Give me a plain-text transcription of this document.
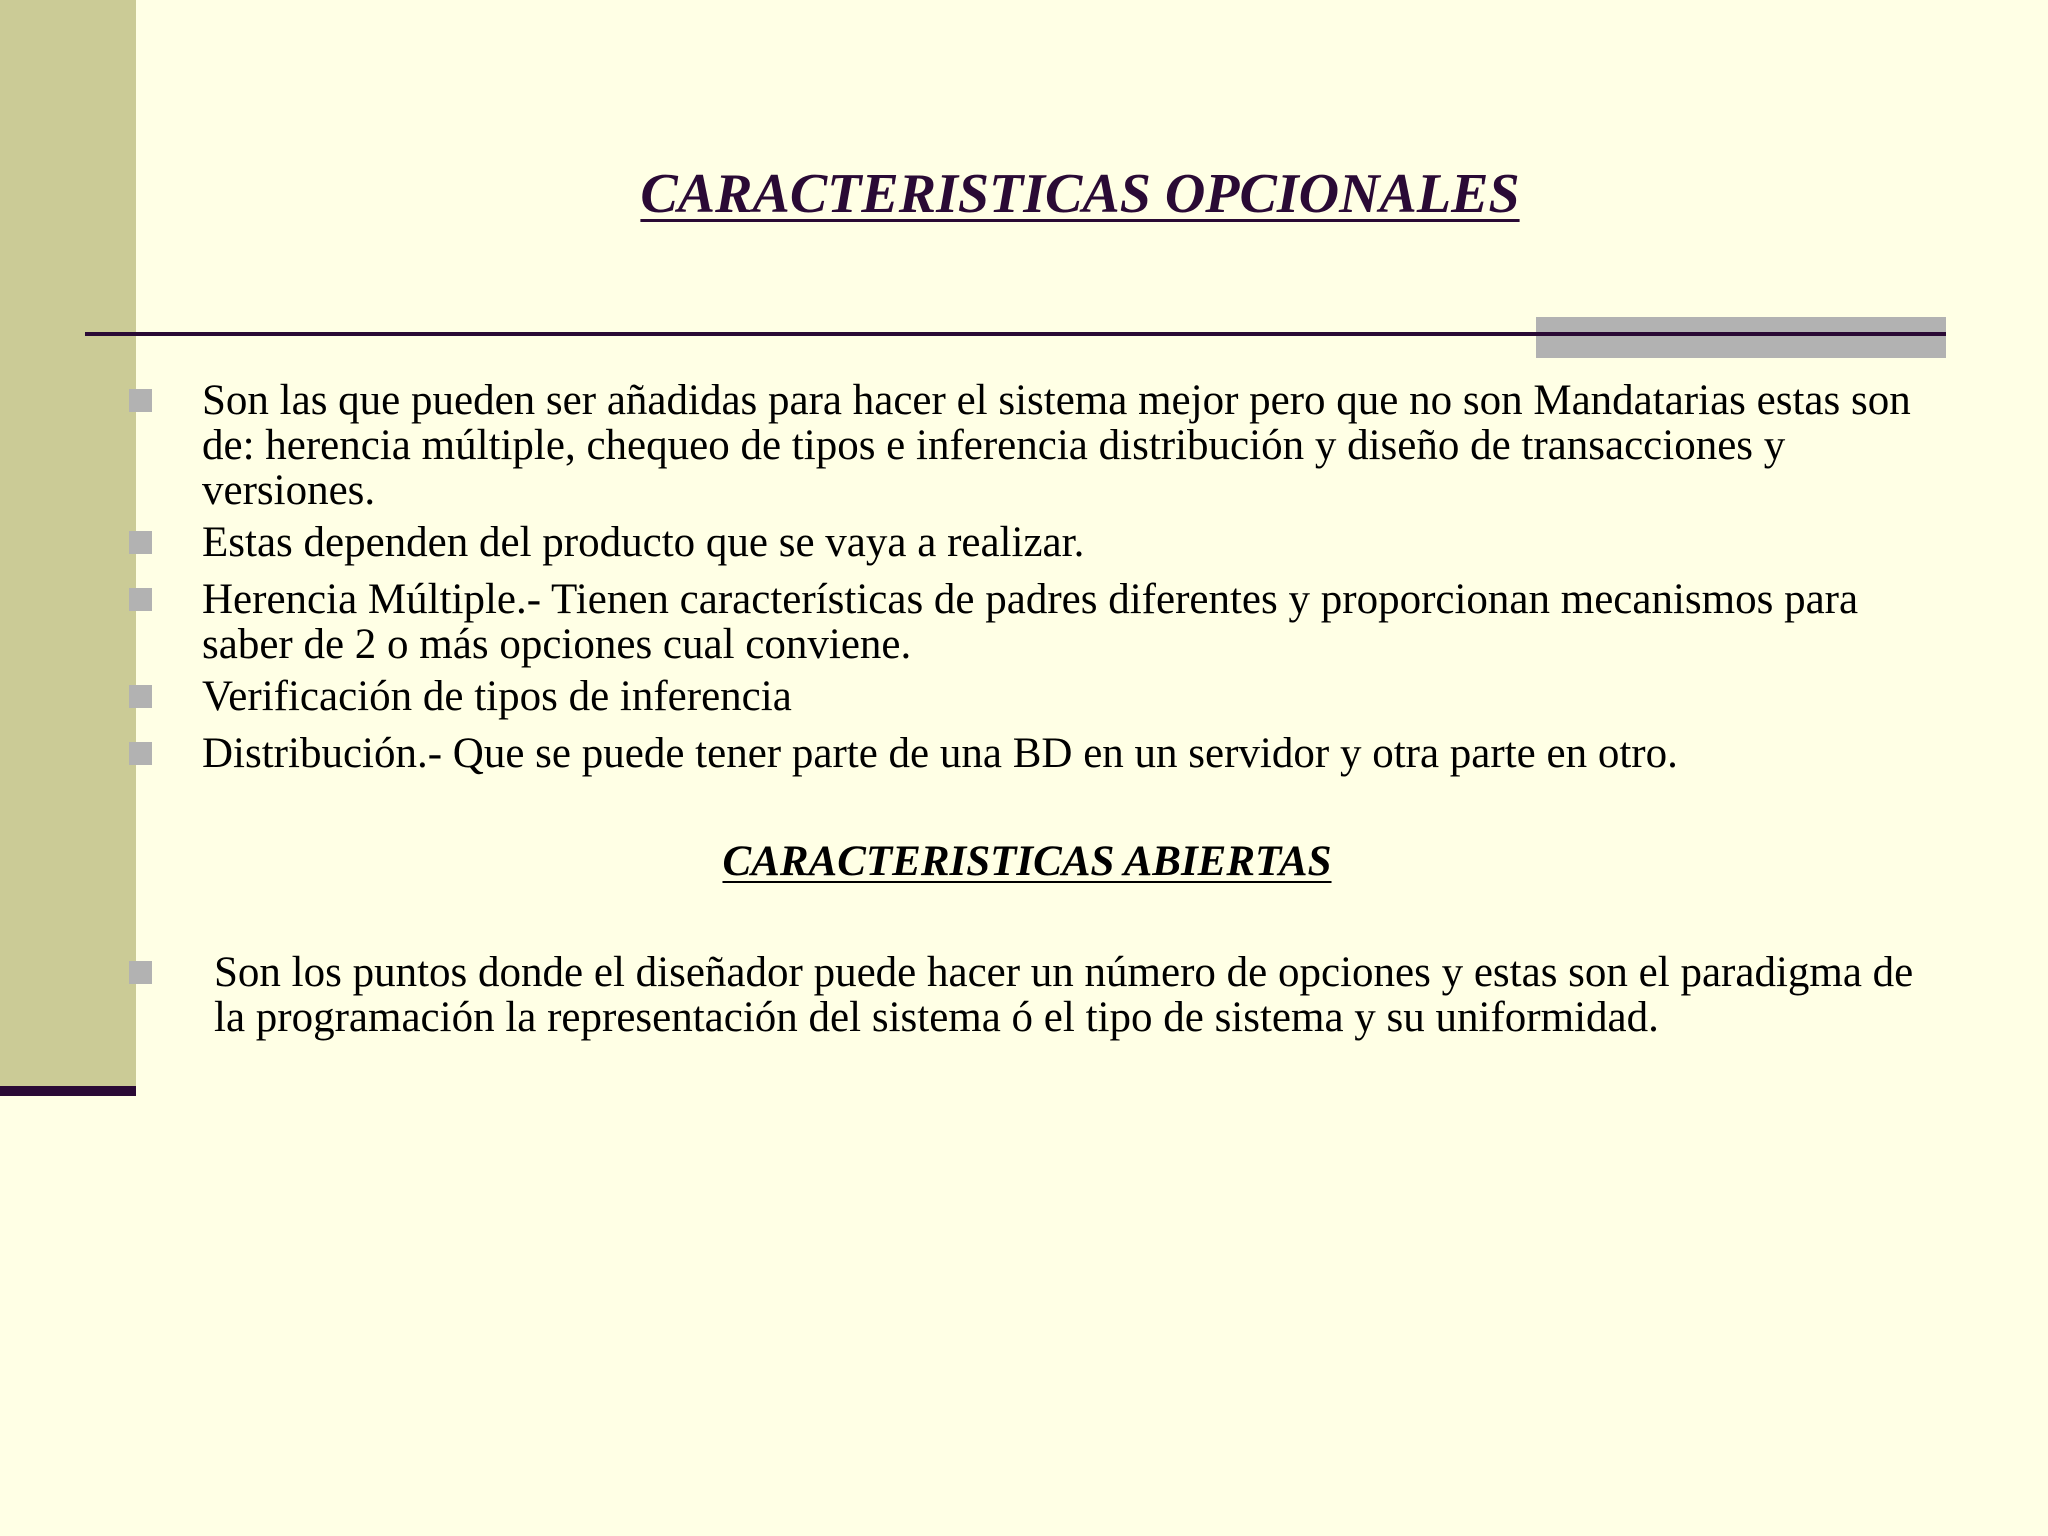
CARACTERISTICAS OPCIONALES
Son las que pueden ser añadidas para hacer el sistema mejor pero que no son Mandatarias estas son de: herencia múltiple, chequeo de tipos e inferencia distribución y diseño de transacciones y versiones.
Estas dependen del producto que se vaya a realizar.
Herencia Múltiple.- Tienen características de padres diferentes y proporcionan mecanismos para saber de 2 o más opciones cual conviene.
Verificación de tipos de inferencia
Distribución.- Que se puede tener parte de una BD en un servidor y otra parte en otro.
CARACTERISTICAS ABIERTAS
Son los puntos donde el diseñador puede hacer un número de opciones y estas son el paradigma de la programación la representación del sistema ó el tipo de sistema y su uniformidad.
